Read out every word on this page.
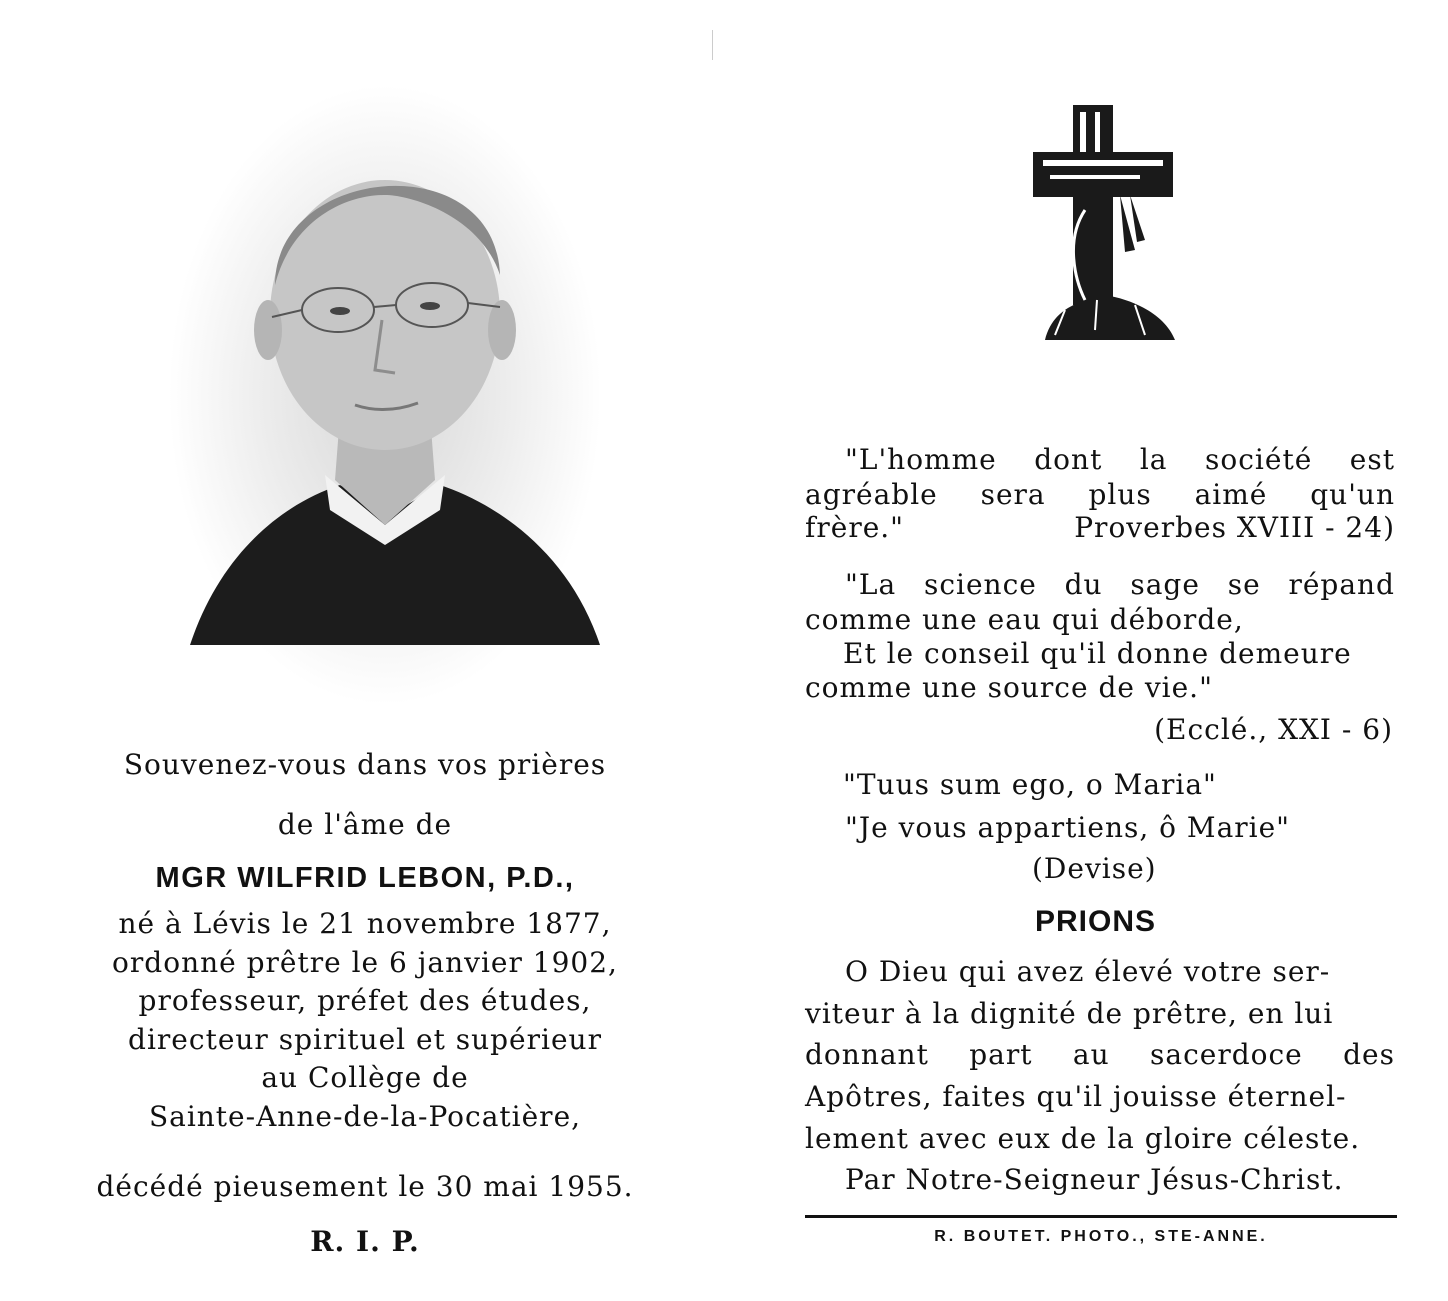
Souvenez-vous dans vos prières
de l'âme de
MGR WILFRID LEBON, P.D.,
né à Lévis le 21 novembre 1877,
ordonné prêtre le 6 janvier 1902,
professeur, préfet des études,
directeur spirituel et supérieur
au Collège de
Sainte-Anne-de-la-Pocatière,
décédé pieusement le 30 mai 1955.
R. I. P.
"L'homme dont la société est
agréable sera plus aimé qu'un
frère."	Proverbes XVIII - 24)
"La science du sage se répand
comme une eau qui déborde,
Et le conseil qu'il donne demeure
comme une source de vie."
(Ecclé., XXI - 6)
"Tuus sum ego, o Maria"
"Je vous appartiens, ô Marie"
(Devise)
PRIONS
O Dieu qui avez élevé votre ser-
viteur à la dignité de prêtre, en lui
donnant part au sacerdoce des
Apôtres, faites qu'il jouisse éternel-
lement avec eux de la gloire céleste.
Par Notre-Seigneur Jésus-Christ.
R. BOUTET. PHOTO., STE-ANNE.
